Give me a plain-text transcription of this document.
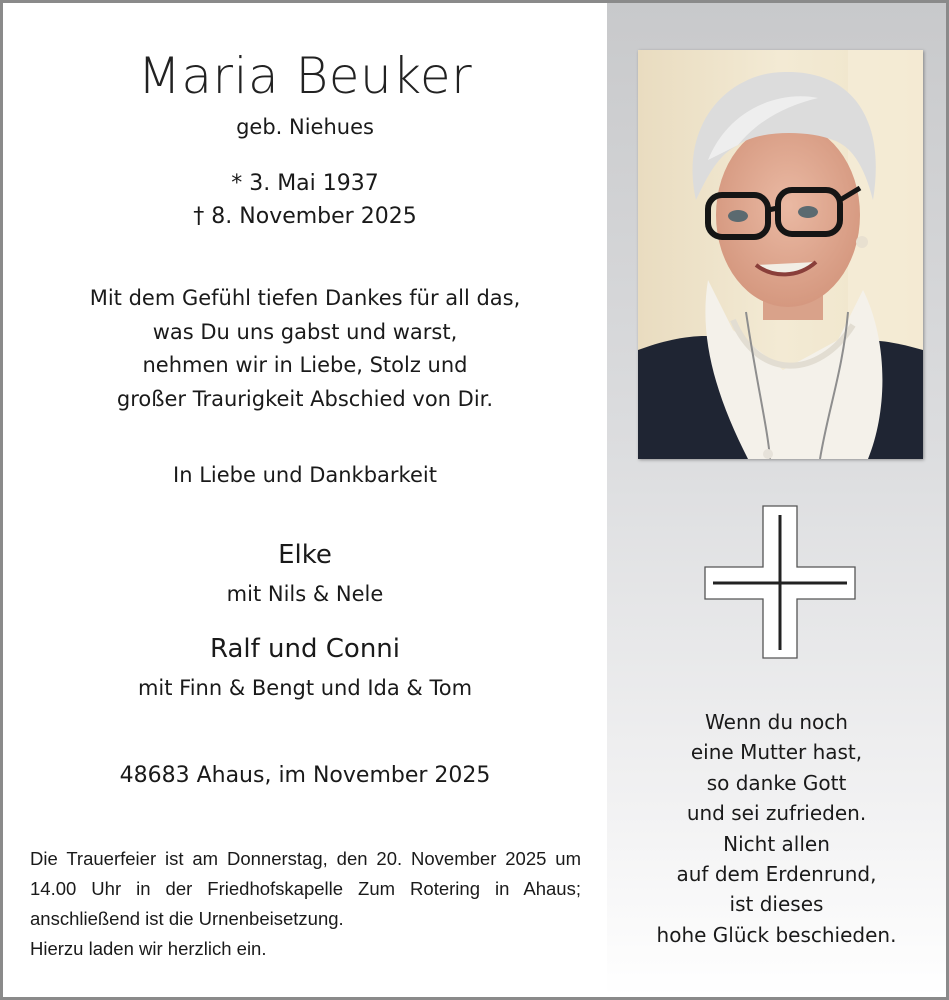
Maria Beuker
geb. Niehues
* 3. Mai 1937
† 8. November 2025
Mit dem Gefühl tiefen Dankes für all das,
was Du uns gabst und warst,
nehmen wir in Liebe, Stolz und
großer Traurigkeit Abschied von Dir.
In Liebe und Dankbarkeit
Elke
mit Nils & Nele
Ralf und Conni
mit Finn & Bengt und Ida & Tom
48683 Ahaus, im November 2025
Die Trauerfeier ist am Donnerstag, den 20. November 2025 um 14.00 Uhr in der Friedhofskapelle Zum Rotering in Ahaus; anschließend ist die Urnenbeisetzung.
Hierzu laden wir herzlich ein.
Wenn du noch
eine Mutter hast,
so danke Gott
und sei zufrieden.
Nicht allen
auf dem Erdenrund,
ist dieses
hohe Glück beschieden.
